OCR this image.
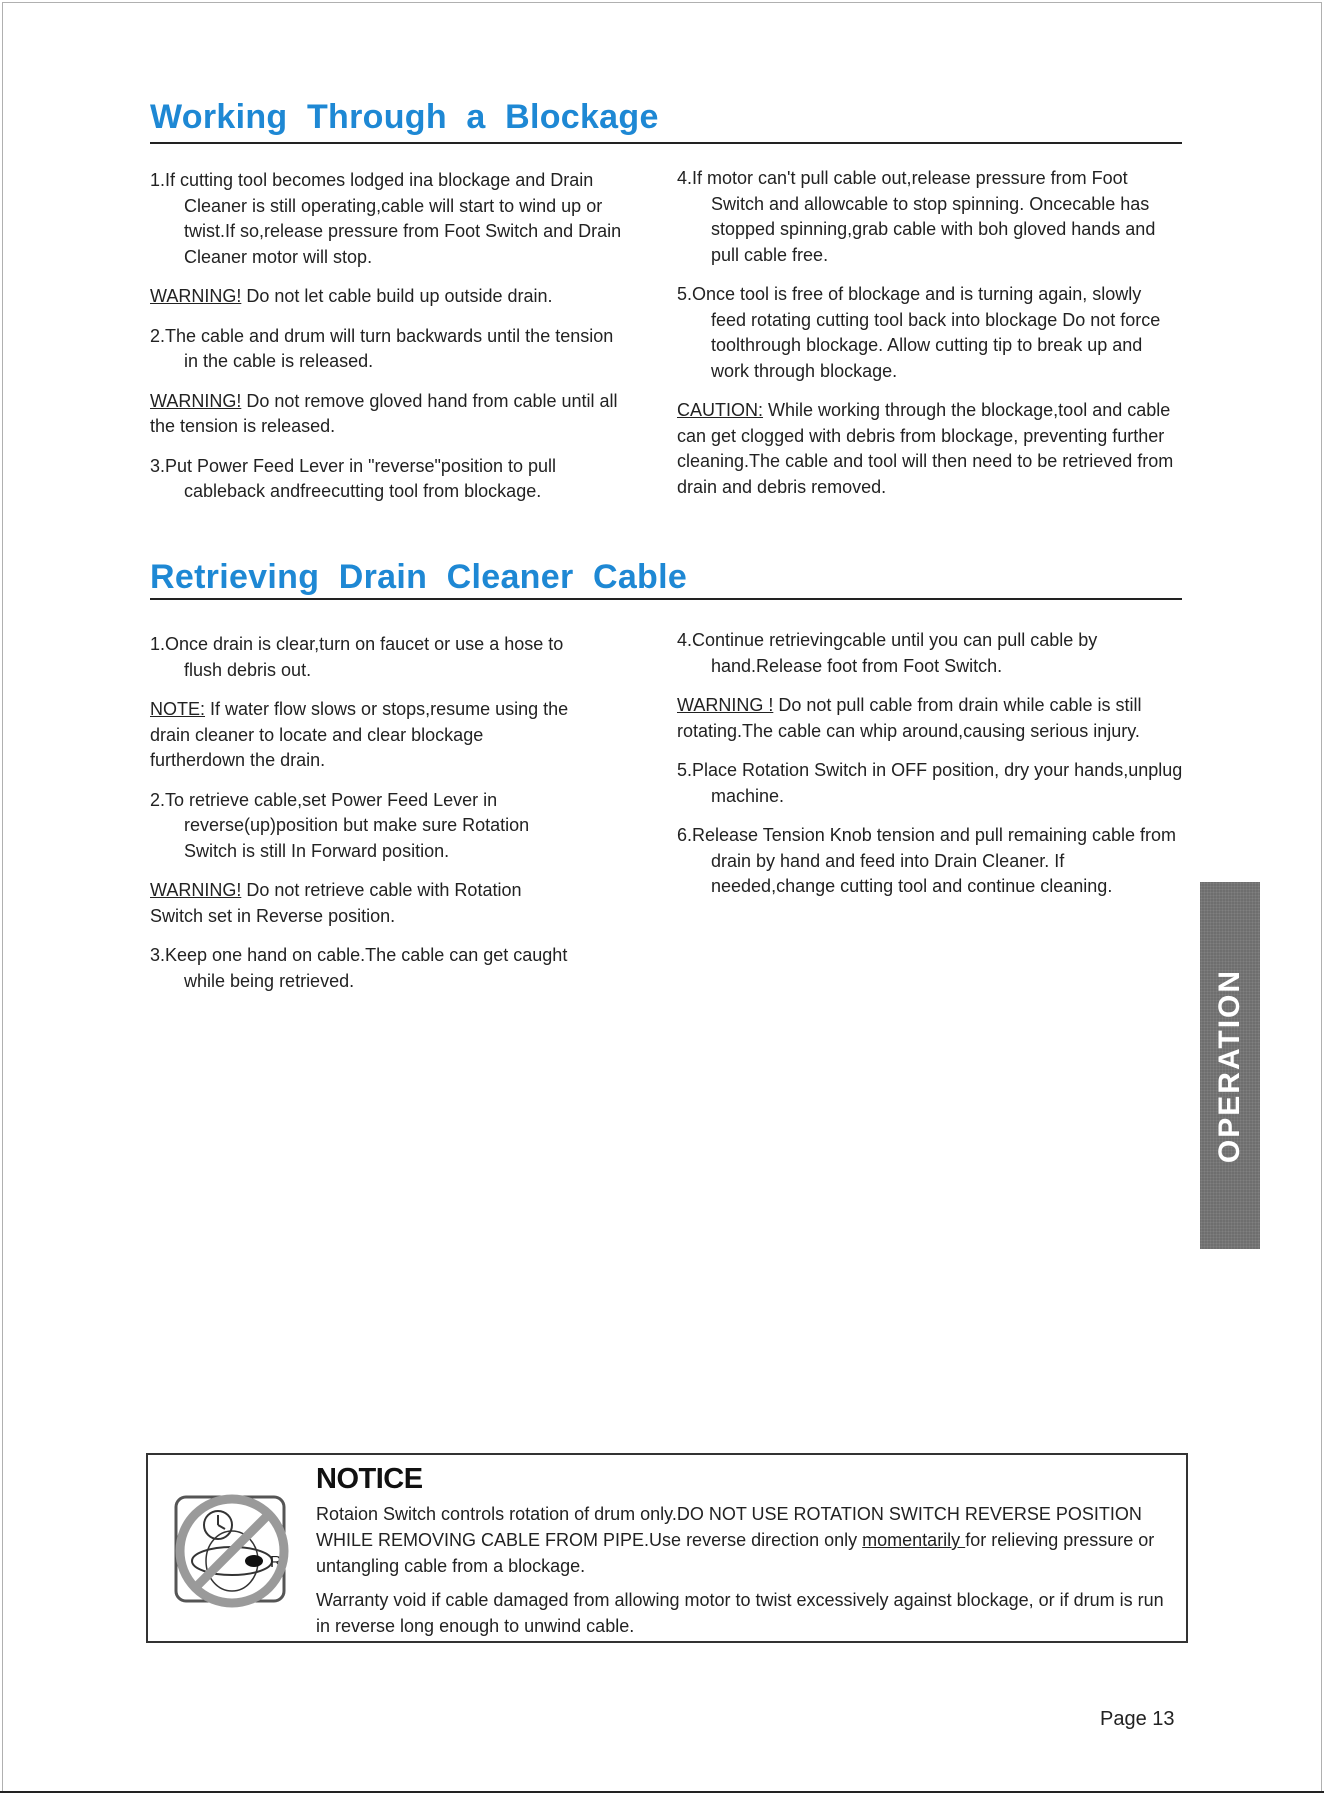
Working  Through  a  Blockage

1.If cutting tool becomes lodged ina blockage and Drain Cleaner is still operating,cable will start to wind up or twist.If so,release pressure from Foot Switch and Drain Cleaner motor will stop.

WARNING! Do not let cable build up outside drain.

2.The cable and drum will turn backwards until the tension in the cable is released.

WARNING! Do not remove gloved hand from cable until all the tension is released.

3.Put Power Feed Lever in "reverse"position to pull cableback andfreecutting tool from blockage.

4.If motor can't pull cable out,release pressure from Foot Switch and allowcable to stop spinning. Oncecable has stopped spinning,grab cable with boh gloved hands and pull cable free.

5.Once tool is free of blockage and is turning again, slowly feed rotating cutting tool back into blockage Do not force toolthrough blockage. Allow cutting tip to break up and work through blockage.

CAUTION: While working through the blockage,tool and cable can get clogged with debris from blockage, preventing further cleaning.The cable and tool will then need to be retrieved from drain and debris removed.

Retrieving  Drain  Cleaner  Cable

1.Once drain is clear,turn on faucet or use a hose to flush debris out.

NOTE: If water flow slows or stops,resume using the drain cleaner to locate and clear blockage furtherdown the drain.

2.To retrieve cable,set Power Feed Lever in reverse(up)position but make sure Rotation Switch is still In Forward position.

WARNING! Do not retrieve cable with Rotation Switch set in Reverse position.

3.Keep one hand on cable.The cable can get caught while being retrieved.

4.Continue retrievingcable until you can pull cable by hand.Release foot from Foot Switch.

WARNING ! Do not pull cable from drain while cable is still rotating.The cable can whip around,causing serious injury.

5.Place Rotation Switch in OFF position, dry your hands,unplug machine.

6.Release Tension Knob tension and pull remaining cable from drain by hand and feed into Drain Cleaner. If needed,change cutting tool and continue cleaning.

OPERATION
R
NOTICE

Rotaion Switch controls rotation of drum only.DO NOT USE ROTATION SWITCH REVERSE POSITION WHILE REMOVING CABLE FROM PIPE.Use reverse direction only momentarily for relieving pressure or untangling cable from a blockage.

Warranty void if cable damaged from allowing motor to twist excessively against blockage, or if drum is run in reverse long enough to unwind cable.

Page 13
